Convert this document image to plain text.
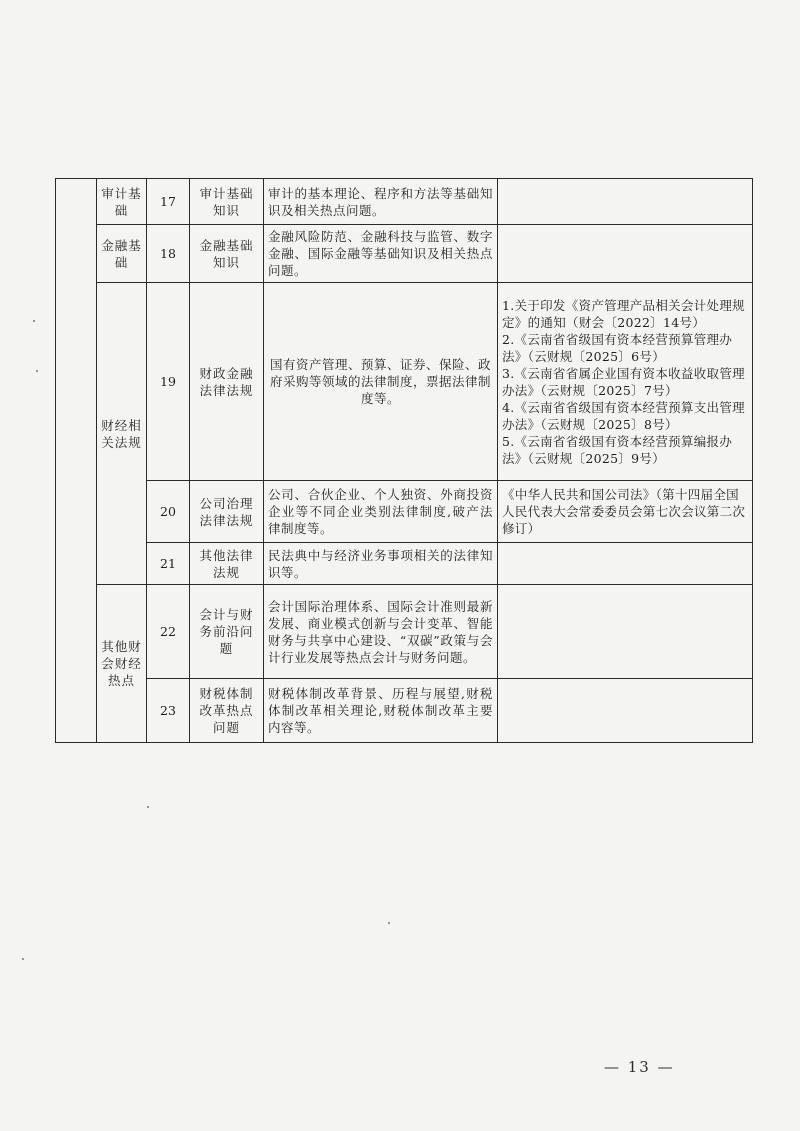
	审计基础	17	审计基础知识	审计的基本理论、程序和方法等基础知识及相关热点问题。	
	金融基础	18	金融基础知识	金融风险防范、金融科技与监管、数字金融、国际金融等基础知识及相关热点问题。	
	财经相关法规	19	财政金融法律法规	国有资产管理、预算、证券、保险、政府采购等领域的法律制度，票据法律制度等。	1.关于印发《资产管理产品相关会计处理规定》的通知（财会〔2022〕14号）
2.《云南省省级国有资本经营预算管理办法》（云财规〔2025〕6号）
3.《云南省省属企业国有资本收益收取管理办法》（云财规〔2025〕7号）
4.《云南省省级国有资本经营预算支出管理办法》（云财规〔2025〕8号）
5.《云南省省级国有资本经营预算编报办法》（云财规〔2025〕9号）

		20	公司治理法律法规	公司、合伙企业、个人独资、外商投资企业等不同企业类别法律制度,破产法律制度等。	《中华人民共和国公司法》（第十四届全国人民代表大会常委委员会第七次会议第二次修订）

		21	其他法律法规	民法典中与经济业务事项相关的法律知识等。	
	其他财会财经热点	22	会计与财务前沿问题	会计国际治理体系、国际会计准则最新发展、商业模式创新与会计变革、智能财务与共享中心建设、“双碳”政策与会计行业发展等热点会计与财务问题。	
		23	财税体制改革热点问题	财税体制改革背景、历程与展望,财税体制改革相关理论,财税体制改革主要内容等。	
— 13 —
